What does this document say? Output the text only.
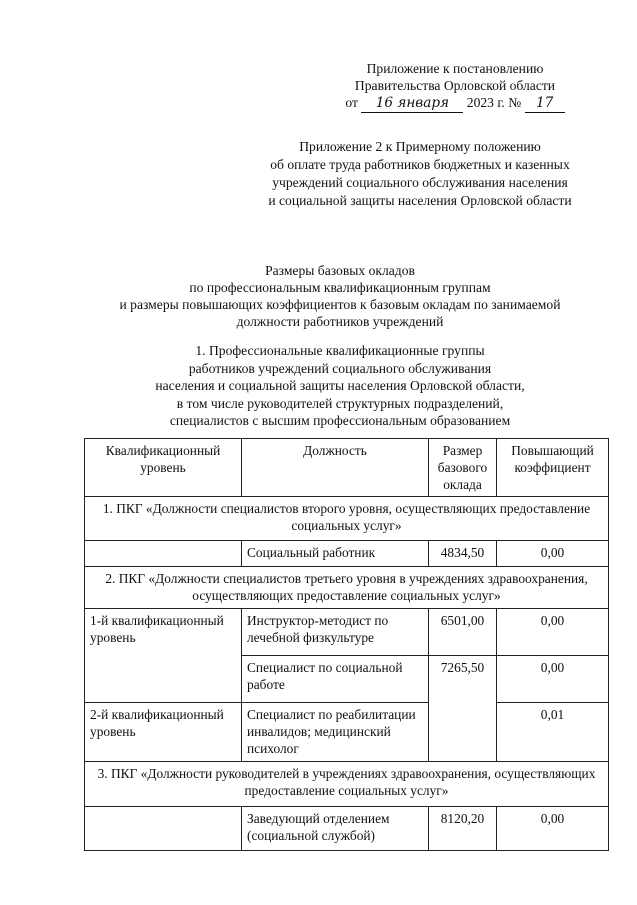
Приложение к постановлению
Правительства Орловской области
от 16 января 2023 г. № 17
Приложение 2 к Примерному положению
об оплате труда работников бюджетных и казенных
учреждений социального обслуживания населения
и социальной защиты населения Орловской области
Размеры базовых окладов
по профессиональным квалификационным группам
и размеры повышающих коэффициентов к базовым окладам по занимаемой
должности работников учреждений
1. Профессиональные квалификационные группы
работников учреждений социального обслуживания
населения и социальной защиты населения Орловской области,
в том числе руководителей структурных подразделений,
специалистов с высшим профессиональным образованием
Квалификационный уровень	Должность	Размер базового оклада	Повышающий коэффициент
1. ПКГ «Должности специалистов второго уровня, осуществляющих предоставление социальных услуг»			
	Социальный работник	4834,50	0,00
2. ПКГ «Должности специалистов третьего уровня в учреждениях здравоохранения, осуществляющих предоставление социальных услуг»			
1-й квалификационный уровень	Инструктор-методист по лечебной физкультуре	6501,00	0,00
	Специалист по социальной работе	7265,50	0,00
2-й квалификационный уровень	Специалист по реабилитации инвалидов; медицинский психолог		0,01
3. ПКГ «Должности руководителей в учреждениях здравоохранения, осуществляющих предоставление социальных услуг»			
	Заведующий отделением (социальной службой)	8120,20	0,00
